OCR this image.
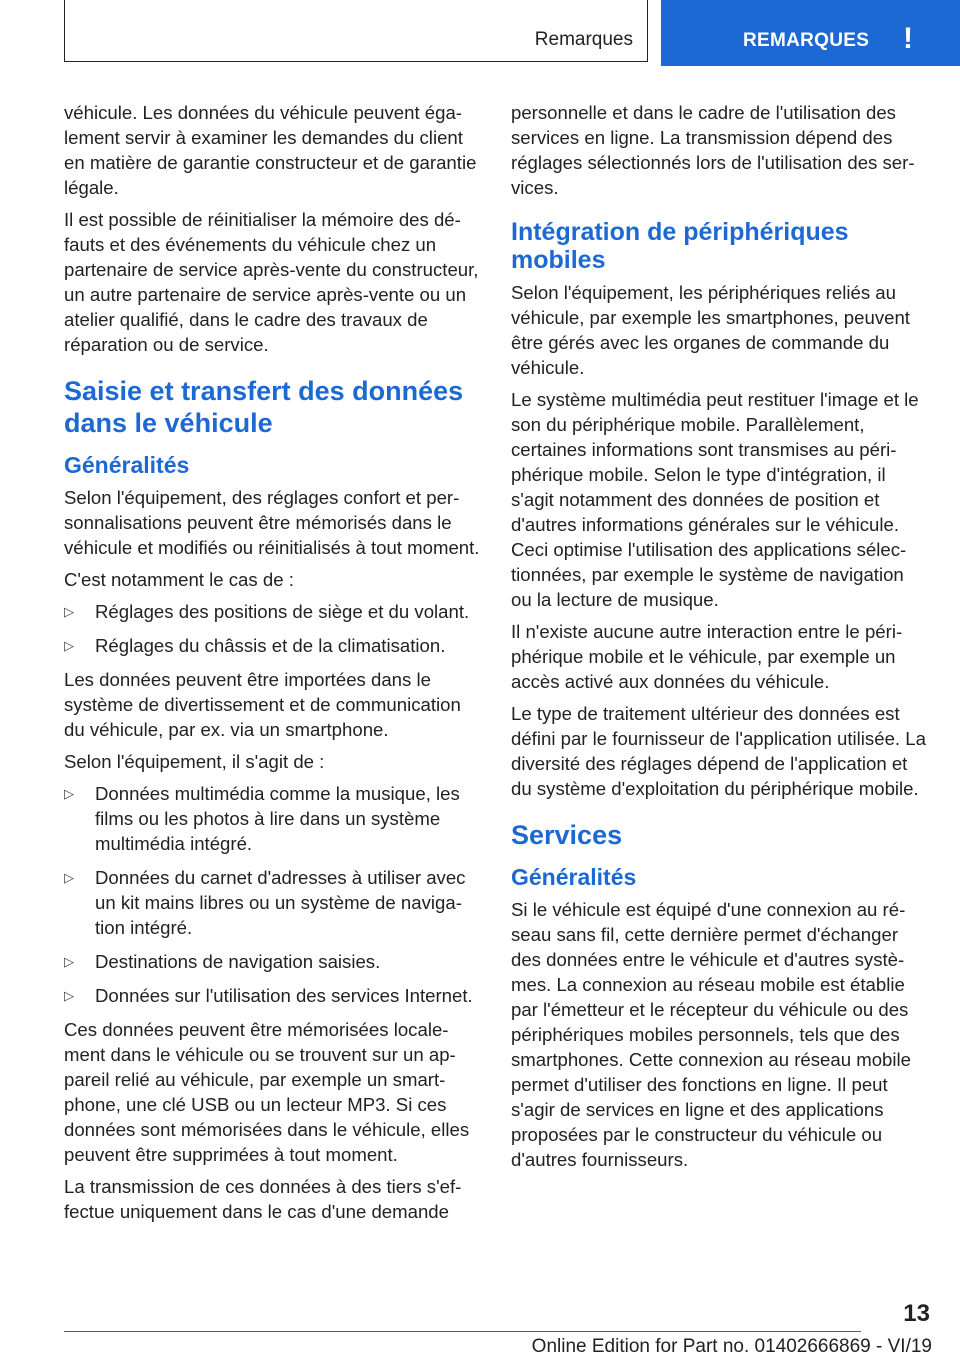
Remarques	REMARQUES !

véhicule. Les données du véhicule peuvent également servir à examiner les demandes du client en matière de garantie constructeur et de garantie légale.

Il est possible de réinitialiser la mémoire des défauts et des événements du véhicule chez un partenaire de service après-vente du constructeur, un autre partenaire de service après-vente ou un atelier qualifié, dans le cadre des travaux de réparation ou de service.

Saisie et transfert des données dans le véhicule
Généralités

Selon l'équipement, des réglages confort et personnalisations peuvent être mémorisés dans le véhicule et modifiés ou réinitialisés à tout moment.

C'est notamment le cas de :

▷ Réglages des positions de siège et du volant.
▷ Réglages du châssis et de la climatisation.

Les données peuvent être importées dans le système de divertissement et de communication du véhicule, par ex. via un smartphone.

Selon l'équipement, il s'agit de :

▷ Données multimédia comme la musique, les films ou les photos à lire dans un système multimédia intégré.
▷ Données du carnet d'adresses à utiliser avec un kit mains libres ou un système de navigation intégré.
▷ Destinations de navigation saisies.
▷ Données sur l'utilisation des services Internet.

Ces données peuvent être mémorisées localement dans le véhicule ou se trouvent sur un appareil relié au véhicule, par exemple un smartphone, une clé USB ou un lecteur MP3. Si ces données sont mémorisées dans le véhicule, elles peuvent être supprimées à tout moment.

La transmission de ces données à des tiers s'effectue uniquement dans le cas d'une demande

personnelle et dans le cadre de l'utilisation des services en ligne. La transmission dépend des réglages sélectionnés lors de l'utilisation des services.

Intégration de périphériques mobiles

Selon l'équipement, les périphériques reliés au véhicule, par exemple les smartphones, peuvent être gérés avec les organes de commande du véhicule.

Le système multimédia peut restituer l'image et le son du périphérique mobile. Parallèlement, certaines informations sont transmises au périphérique mobile. Selon le type d'intégration, il s'agit notamment des données de position et d'autres informations générales sur le véhicule. Ceci optimise l'utilisation des applications sélectionnées, par exemple le système de navigation ou la lecture de musique.

Il n'existe aucune autre interaction entre le périphérique mobile et le véhicule, par exemple un accès activé aux données du véhicule.

Le type de traitement ultérieur des données est défini par le fournisseur de l'application utilisée. La diversité des réglages dépend de l'application et du système d'exploitation du périphérique mobile.

Services
Généralités

Si le véhicule est équipé d'une connexion au réseau sans fil, cette dernière permet d'échanger des données entre le véhicule et d'autres systèmes. La connexion au réseau mobile est établie par l'émetteur et le récepteur du véhicule ou des périphériques mobiles personnels, tels que des smartphones. Cette connexion au réseau mobile permet d'utiliser des fonctions en ligne. Il peut s'agir de services en ligne et des applications proposées par le constructeur du véhicule ou d'autres fournisseurs.

13
Online Edition for Part no. 01402666869 - VI/19
